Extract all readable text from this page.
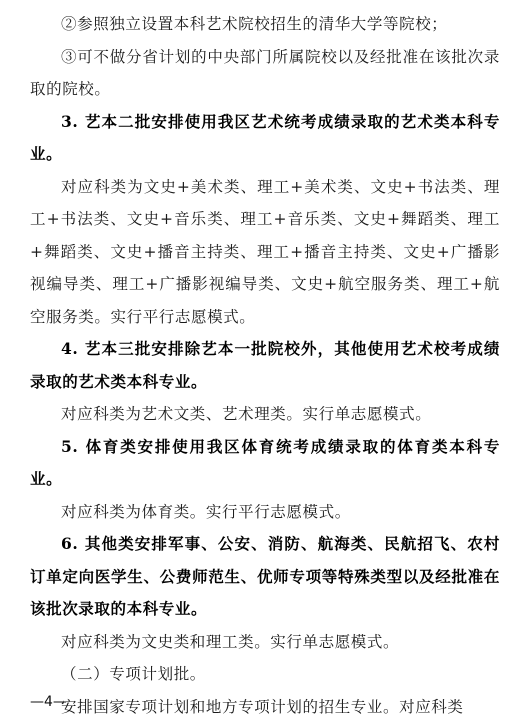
②参照独立设置本科艺术院校招生的清华大学等院校；

③可不做分省计划的中央部门所属院校以及经批准在该批次录取的院校。

3. 艺本二批安排使用我区艺术统考成绩录取的艺术类本科专业。

对应科类为文史+美术类、理工+美术类、文史+书法类、理工+书法类、文史+音乐类、理工+音乐类、文史+舞蹈类、理工+舞蹈类、文史+播音主持类、理工+播音主持类、文史+广播影视编导类、理工+广播影视编导类、文史+航空服务类、理工+航空服务类。实行平行志愿模式。

4. 艺本三批安排除艺本一批院校外，其他使用艺术校考成绩录取的艺术类本科专业。

对应科类为艺术文类、艺术理类。实行单志愿模式。

5. 体育类安排使用我区体育统考成绩录取的体育类本科专业。

对应科类为体育类。实行平行志愿模式。

6. 其他类安排军事、公安、消防、航海类、民航招飞、农村订单定向医学生、公费师范生、优师专项等特殊类型以及经批准在该批次录取的本科专业。

对应科类为文史类和理工类。实行单志愿模式。

（二）专项计划批。

安排国家专项计划和地方专项计划的招生专业。对应科类

—4—
